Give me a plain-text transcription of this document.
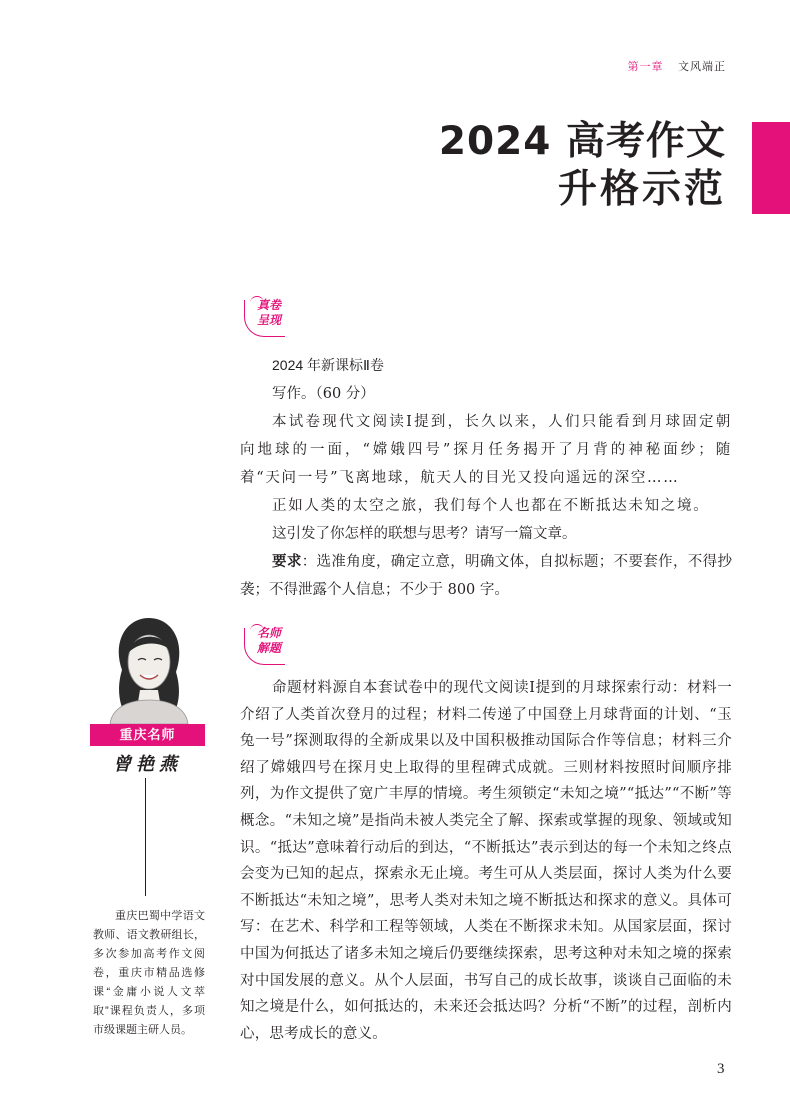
第一章 文风端正
2024 高考作文
升格示范
真卷
呈现
2024 年新课标Ⅱ卷

写作。（60 分）

本试卷现代文阅读Ⅰ提到，长久以来，人们只能看到月球固定朝向地球的一面，“嫦娥四号”探月任务揭开了月背的神秘面纱；随着“天问一号”飞离地球，航天人的目光又投向遥远的深空……

正如人类的太空之旅，我们每个人也都在不断抵达未知之境。

这引发了你怎样的联想与思考？请写一篇文章。

要求：选准角度，确定立意，明确文体，自拟标题；不要套作，不得抄袭；不得泄露个人信息；不少于 800 字。

名师
解题

命题材料源自本套试卷中的现代文阅读Ⅰ提到的月球探索行动：材料一介绍了人类首次登月的过程；材料二传递了中国登上月球背面的计划、“玉兔一号”探测取得的全新成果以及中国积极推动国际合作等信息；材料三介绍了嫦娥四号在探月史上取得的里程碑式成就。三则材料按照时间顺序排列，为作文提供了宽广丰厚的情境。考生须锁定“未知之境”“抵达”“不断”等概念。“未知之境”是指尚未被人类完全了解、探索或掌握的现象、领域或知识。“抵达”意味着行动后的到达，“不断抵达”表示到达的每一个未知之终点会变为已知的起点，探索永无止境。考生可从人类层面，探讨人类为什么要不断抵达“未知之境”，思考人类对未知之境不断抵达和探求的意义。具体可写：在艺术、科学和工程等领域，人类在不断探求未知。从国家层面，探讨中国为何抵达了诸多未知之境后仍要继续探索，思考这种对未知之境的探索对中国发展的意义。从个人层面，书写自己的成长故事，谈谈自己面临的未知之境是什么，如何抵达的，未来还会抵达吗？分析“不断”的过程，剖析内心，思考成长的意义。

重庆名师
曾艳燕

重庆巴蜀中学语文教师、语文教研组长，多次参加高考作文阅卷，重庆市精品选修课“金庸小说人文萃取”课程负责人，多项市级课题主研人员。

3
